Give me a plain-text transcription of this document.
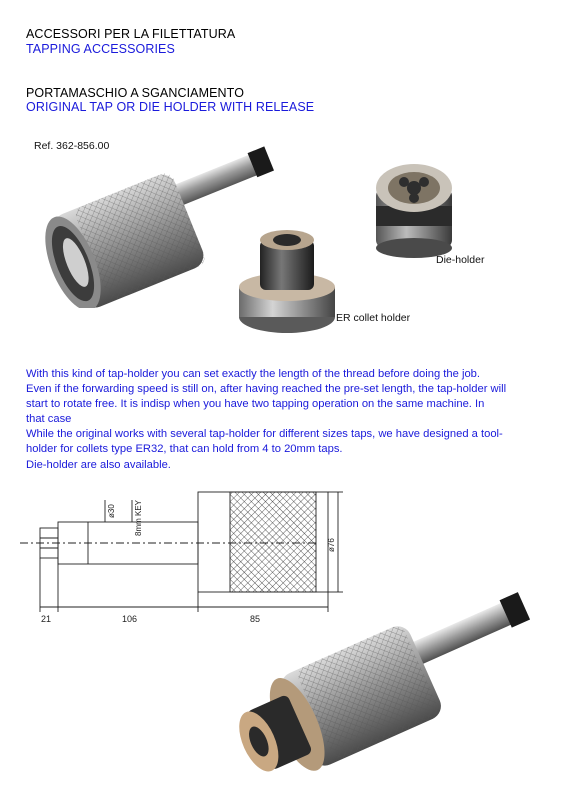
ACCESSORI PER LA FILETTATURA
TAPPING ACCESSORIES
PORTAMASCHIO A SGANCIAMENTO
ORIGINAL TAP OR DIE HOLDER WITH RELEASE
Ref. 362-856.00
Die-holder
ER collet holder
With this kind of tap-holder you can set exactly the length of the thread before doing the job.
Even if the forwarding speed is still on, after having reached the pre-set length, the tap-holder will
start to rotate free. It is indisp when you have two tapping operation on the same machine. In
that case
While the original works with several tap-holder for different sizes taps, we have designed a tool-
holder for collets type ER32, that can hold from 4 to 20mm taps.
Die-holder are also available.
21	106	85
ø30 8mm KEY
ø76
